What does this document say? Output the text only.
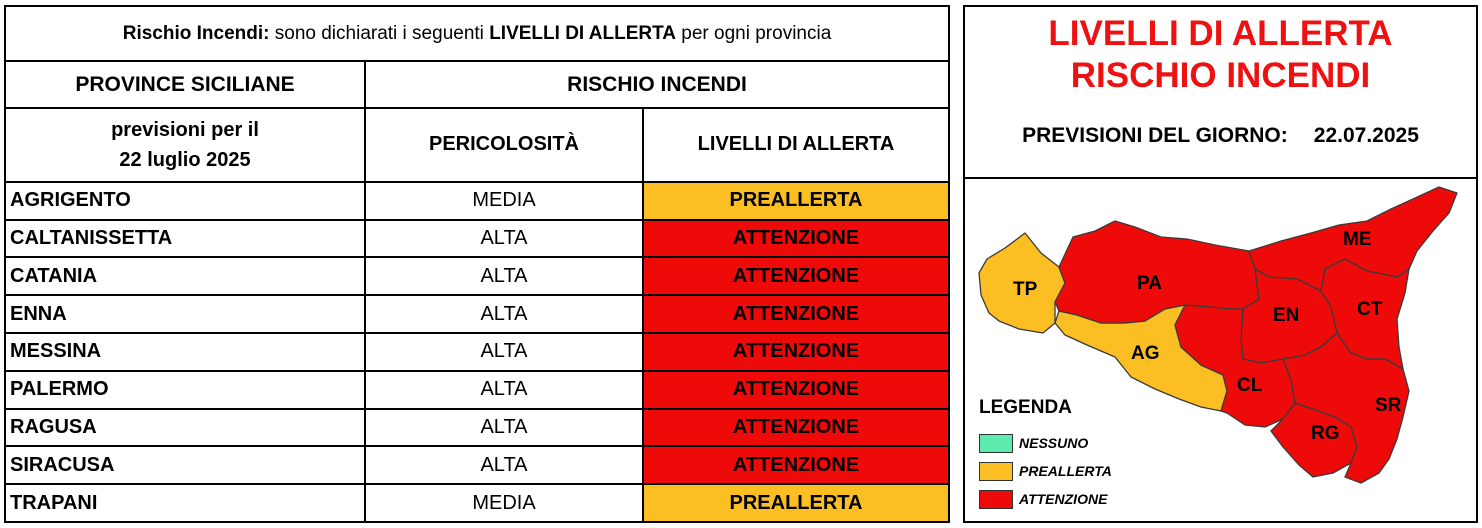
Rischio Incendi: sono dichiarati i seguenti LIVELLI DI ALLERTA per ogni provincia		
PROVINCE SICILIANE	RISCHIO INCENDI	

previsioni per il
22 luglio 2025	PERICOLOSITÀ	LIVELLI DI ALLERTA
AGRIGENTO	MEDIA	PREALLERTA
CALTANISSETTA	ALTA	ATTENZIONE
CATANIA	ALTA	ATTENZIONE
ENNA	ALTA	ATTENZIONE
MESSINA	ALTA	ATTENZIONE
PALERMO	ALTA	ATTENZIONE
RAGUSA	ALTA	ATTENZIONE
SIRACUSA	ALTA	ATTENZIONE
TRAPANI	MEDIA	PREALLERTA
LIVELLI DI ALLERTA
RISCHIO INCENDI
PREVISIONI DEL GIORNO: 22.07.2025
TP	PA
ME
EN	CT
AG
CL
SR
RG
LEGENDA
NESSUNO
PREALLERTA
ATTENZIONE
